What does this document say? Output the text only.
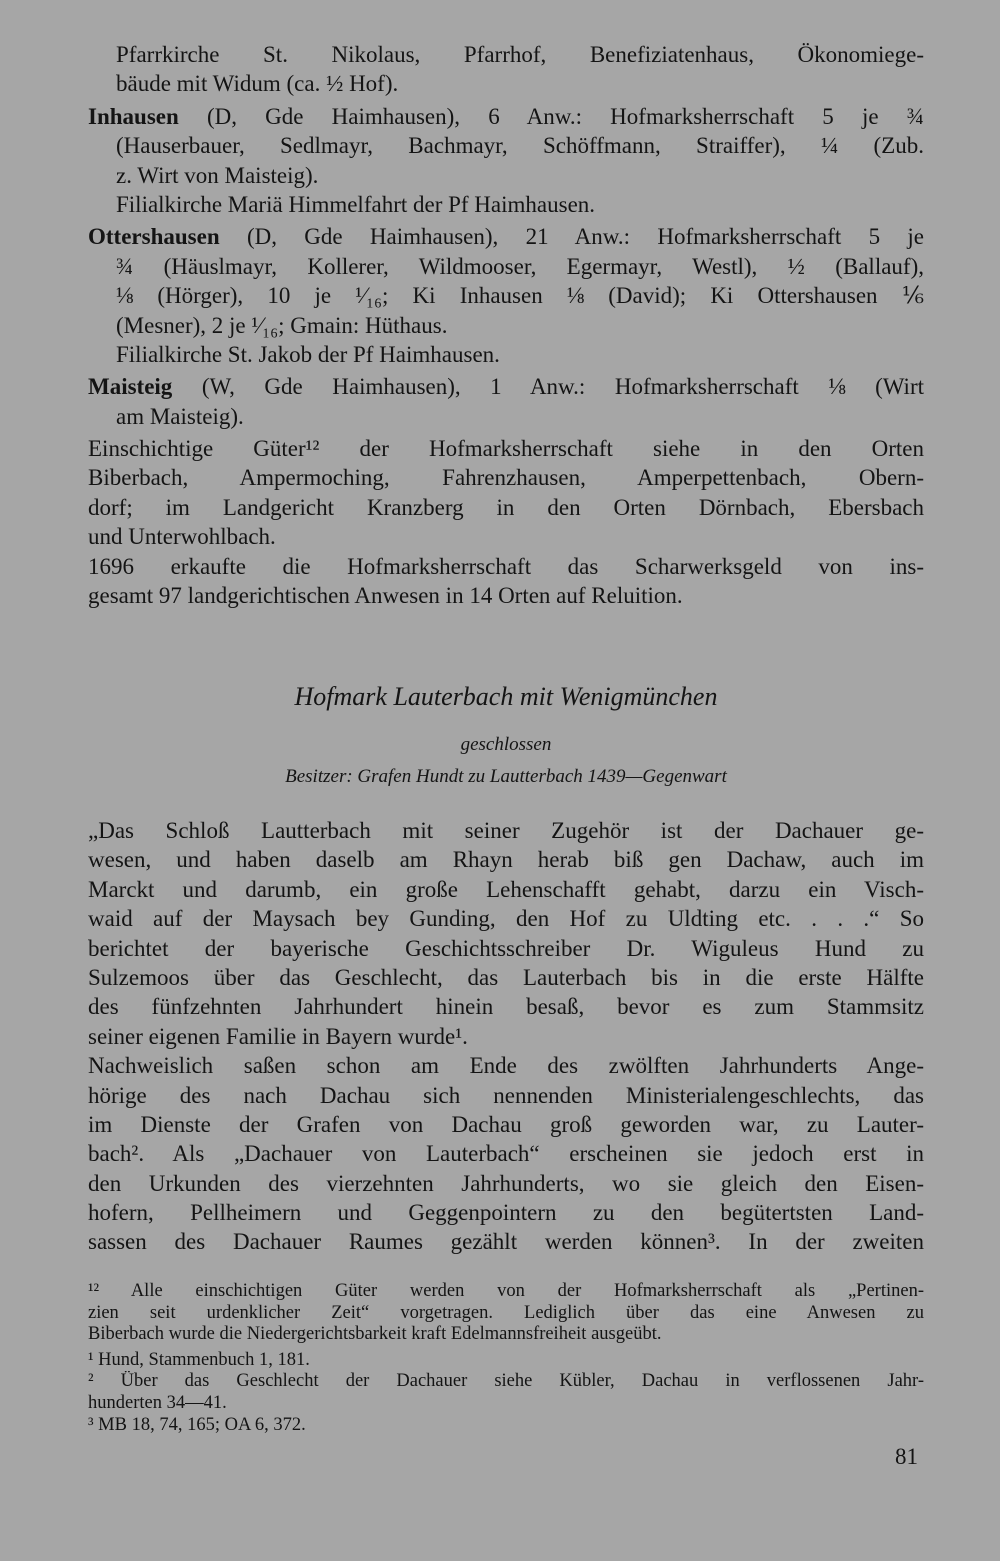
Pfarrkirche St. Nikolaus, Pfarrhof, Benefiziatenhaus, Ökonomiege-
bäude mit Widum (ca. ½ Hof).
Inhausen (D, Gde Haimhausen), 6 Anw.: Hofmarksherrschaft 5 je ¾
(Hauserbauer, Sedlmayr, Bachmayr, Schöffmann, Straiffer), ¼ (Zub.
z. Wirt von Maisteig).
Filialkirche Mariä Himmelfahrt der Pf Haimhausen.
Ottershausen (D, Gde Haimhausen), 21 Anw.: Hofmarksherrschaft 5 je
¾ (Häuslmayr, Kollerer, Wildmooser, Egermayr, Westl), ½ (Ballauf),
⅛ (Hörger), 10 je ¹⁄₁₆; Ki Inhausen ⅛ (David); Ki Ottershausen ⅙
(Mesner), 2 je ¹⁄₁₆; Gmain: Hüthaus.
Filialkirche St. Jakob der Pf Haimhausen.
Maisteig (W, Gde Haimhausen), 1 Anw.: Hofmarksherrschaft ⅛ (Wirt
am Maisteig).
Einschichtige Güter¹² der Hofmarksherrschaft siehe in den Orten
Biberbach, Ampermoching, Fahrenzhausen, Amperpettenbach, Obern-
dorf; im Landgericht Kranzberg in den Orten Dörnbach, Ebersbach
und Unterwohlbach.
1696 erkaufte die Hofmarksherrschaft das Scharwerksgeld von ins-
gesamt 97 landgerichtischen Anwesen in 14 Orten auf Reluition.
Hofmark Lauterbach mit Wenigmünchen
geschlossen
Besitzer: Grafen Hundt zu Lautterbach 1439—Gegenwart
„Das Schloß Lautterbach mit seiner Zugehör ist der Dachauer ge-
wesen, und haben daselb am Rhayn herab biß gen Dachaw, auch im
Marckt und darumb, ein große Lehenschafft gehabt, darzu ein Visch-
waid auf der Maysach bey Gunding, den Hof zu Uldting etc. . . .“ So
berichtet der bayerische Geschichtsschreiber Dr. Wiguleus Hund zu
Sulzemoos über das Geschlecht, das Lauterbach bis in die erste Hälfte
des fünfzehnten Jahrhundert hinein besaß, bevor es zum Stammsitz
seiner eigenen Familie in Bayern wurde¹.
Nachweislich saßen schon am Ende des zwölften Jahrhunderts Ange-
hörige des nach Dachau sich nennenden Ministerialengeschlechts, das
im Dienste der Grafen von Dachau groß geworden war, zu Lauter-
bach². Als „Dachauer von Lauterbach“ erscheinen sie jedoch erst in
den Urkunden des vierzehnten Jahrhunderts, wo sie gleich den Eisen-
hofern, Pellheimern und Geggenpointern zu den begütertsten Land-
sassen des Dachauer Raumes gezählt werden können³. In der zweiten
¹² Alle einschichtigen Güter werden von der Hofmarksherrschaft als „Pertinen-
zien seit urdenklicher Zeit“ vorgetragen. Lediglich über das eine Anwesen zu
Biberbach wurde die Niedergerichtsbarkeit kraft Edelmannsfreiheit ausgeübt.
¹ Hund, Stammenbuch 1, 181.
² Über das Geschlecht der Dachauer siehe Kübler, Dachau in verflossenen Jahr-
hunderten 34—41.
³ MB 18, 74, 165; OA 6, 372.
81
